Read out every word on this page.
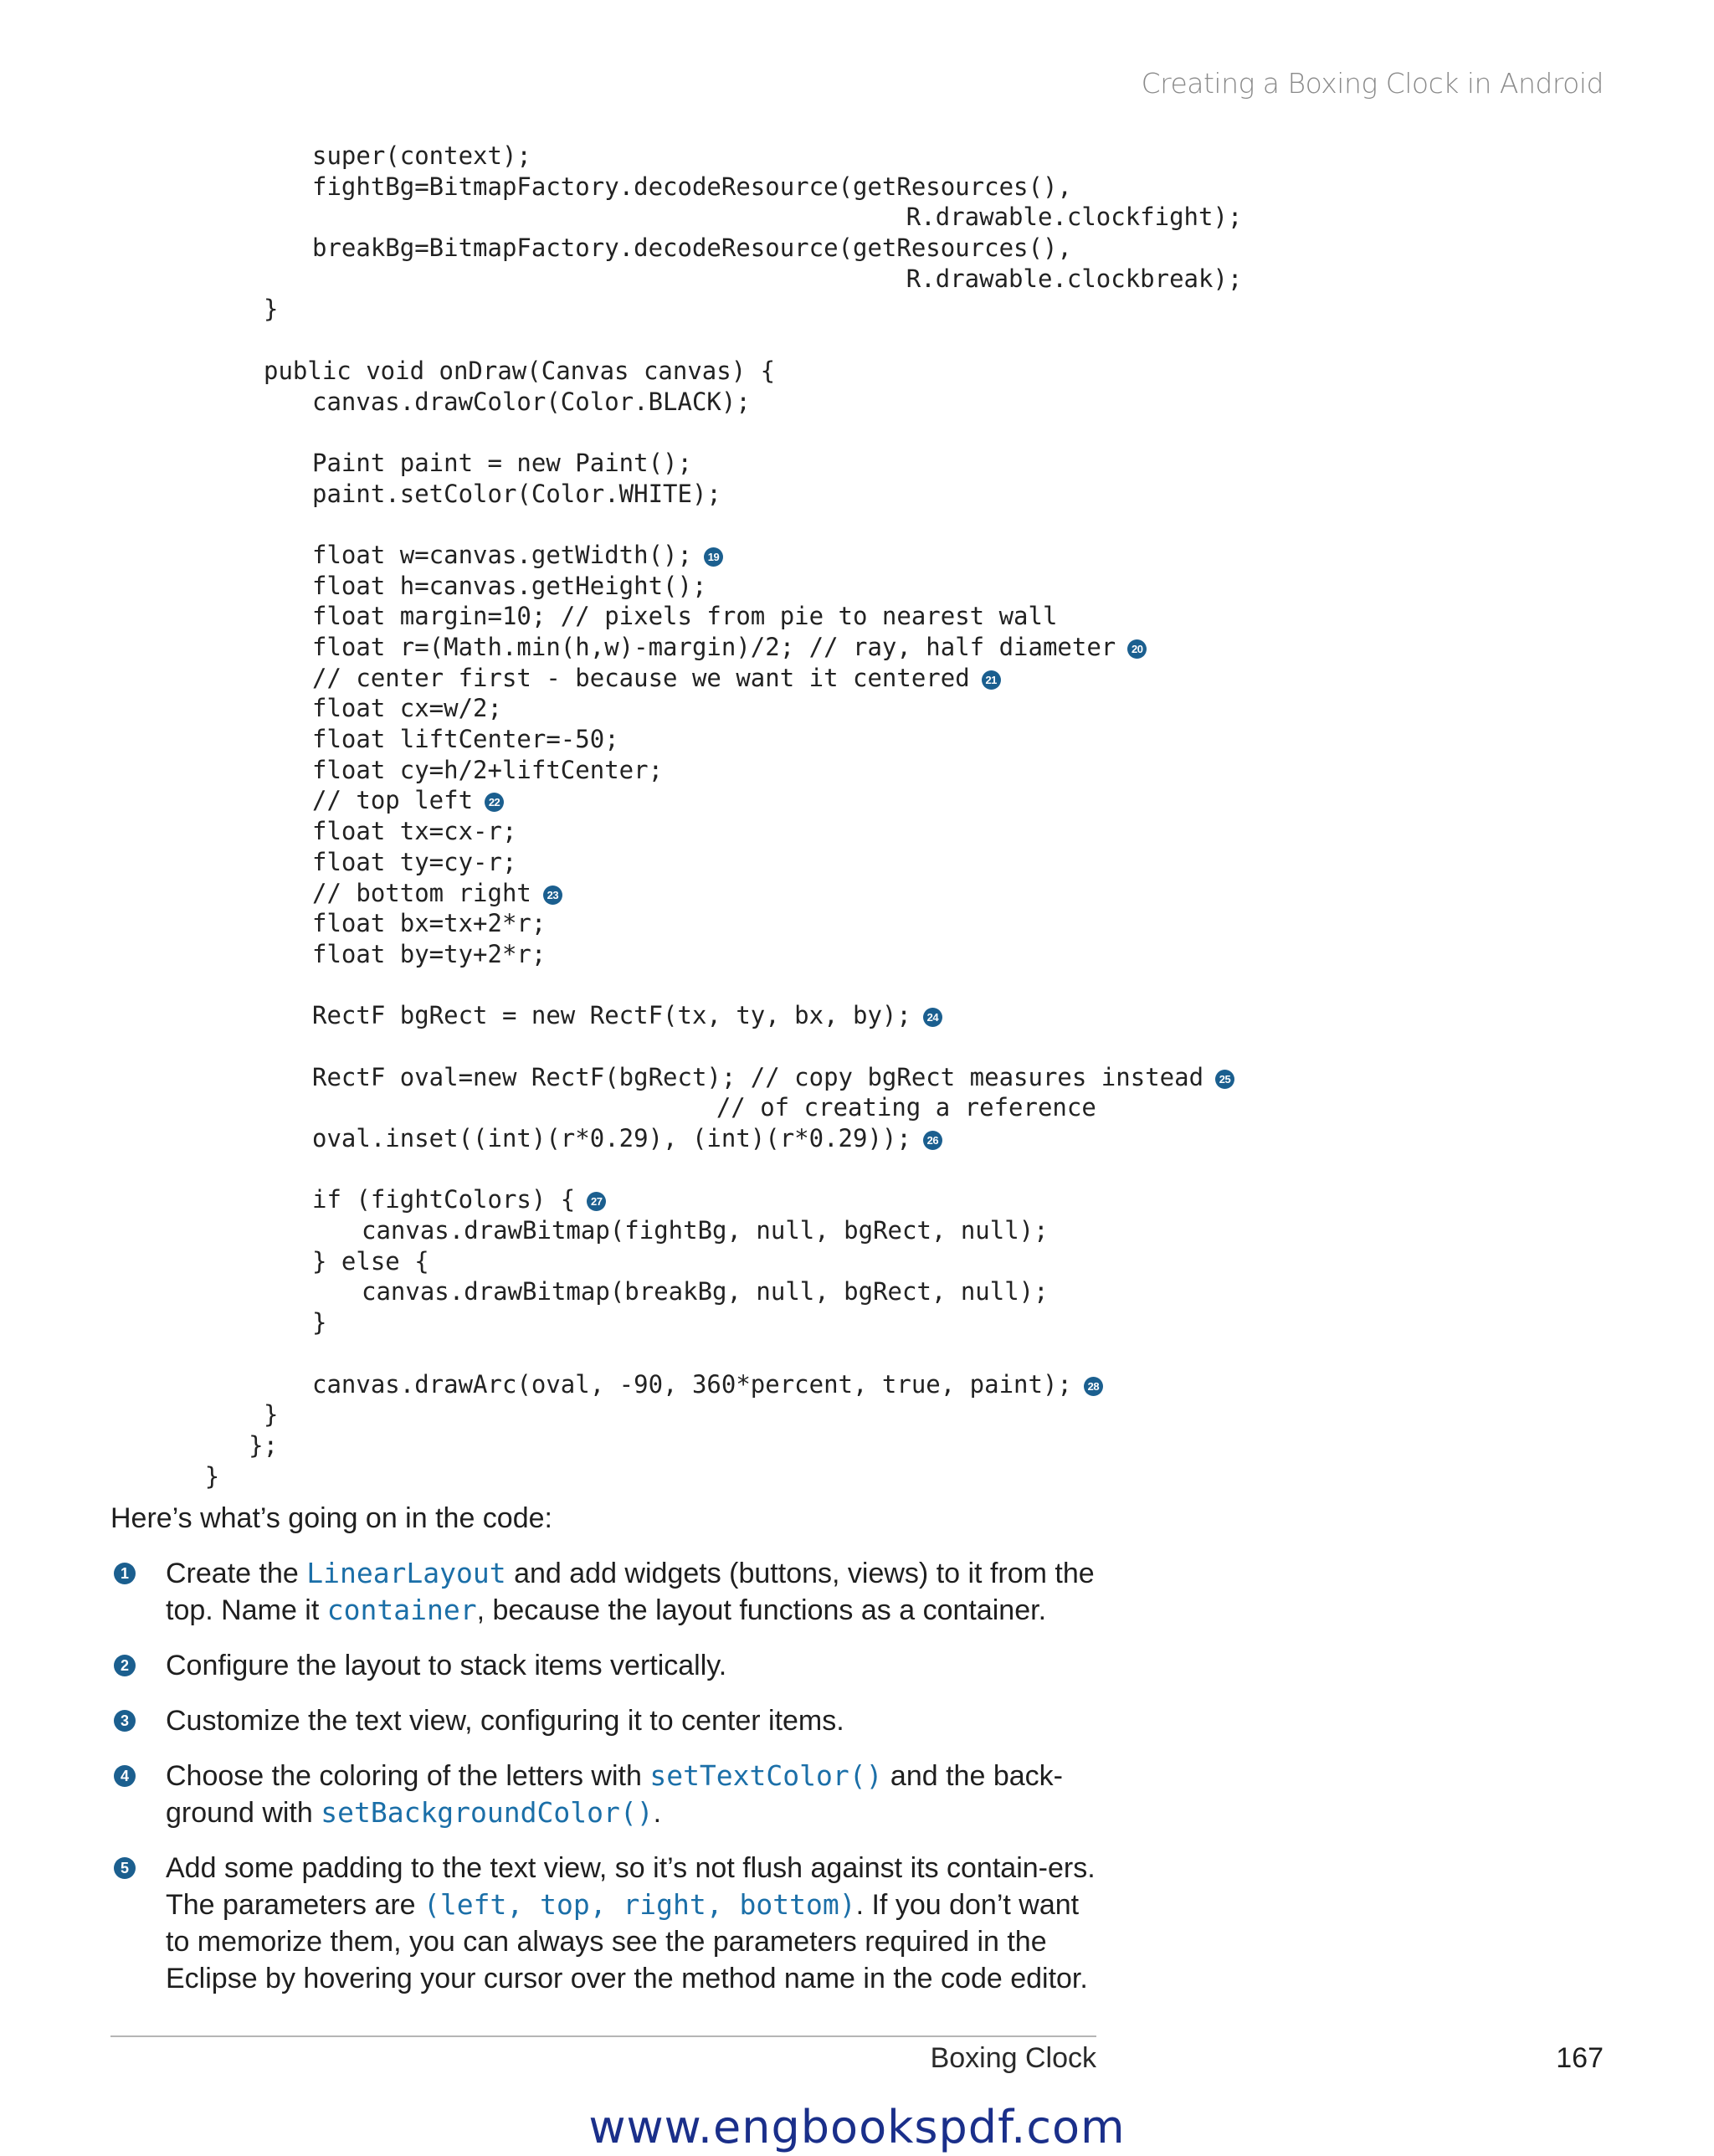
Creating a Boxing Clock in Android
super(context);
fightBg=BitmapFactory.decodeResource(getResources(),
R.drawable.clockfight);
breakBg=BitmapFactory.decodeResource(getResources(),
R.drawable.clockbreak);
}
public void onDraw(Canvas canvas) {
canvas.drawColor(Color.BLACK);
Paint paint = new Paint();
paint.setColor(Color.WHITE);
float w=canvas.getWidth(); 19
float h=canvas.getHeight();
float margin=10; // pixels from pie to nearest wall
float r=(Math.min(h,w)-margin)/2; // ray, half diameter 20
// center first - because we want it centered 21
float cx=w/2;
float liftCenter=-50;
float cy=h/2+liftCenter;
// top left 22
float tx=cx-r;
float ty=cy-r;
// bottom right 23
float bx=tx+2*r;
float by=ty+2*r;
RectF bgRect = new RectF(tx, ty, bx, by); 24
RectF oval=new RectF(bgRect); // copy bgRect measures instead 25
// of creating a reference
oval.inset((int)(r*0.29), (int)(r*0.29)); 26
if (fightColors) { 27
canvas.drawBitmap(fightBg, null, bgRect, null);
} else {
canvas.drawBitmap(breakBg, null, bgRect, null);
}
canvas.drawArc(oval, -90, 360*percent, true, paint); 28
}
};
}
Here’s what’s going on in the code:
1 Create the LinearLayout and add widgets (buttons, views) to it from the top. Name it container, because the layout functions as a container.
2 Configure the layout to stack items vertically.
3 Customize the text view, configuring it to center items.
4 Choose the coloring of the letters with setTextColor() and the back-ground with setBackgroundColor().
5 Add some padding to the text view, so it’s not flush against its contain-ers. The parameters are (left, top, right, bottom). If you don’t want to memorize them, you can always see the parameters required in the Eclipse by hovering your cursor over the method name in the code editor.
Boxing Clock	167
www.engbookspdf.com
